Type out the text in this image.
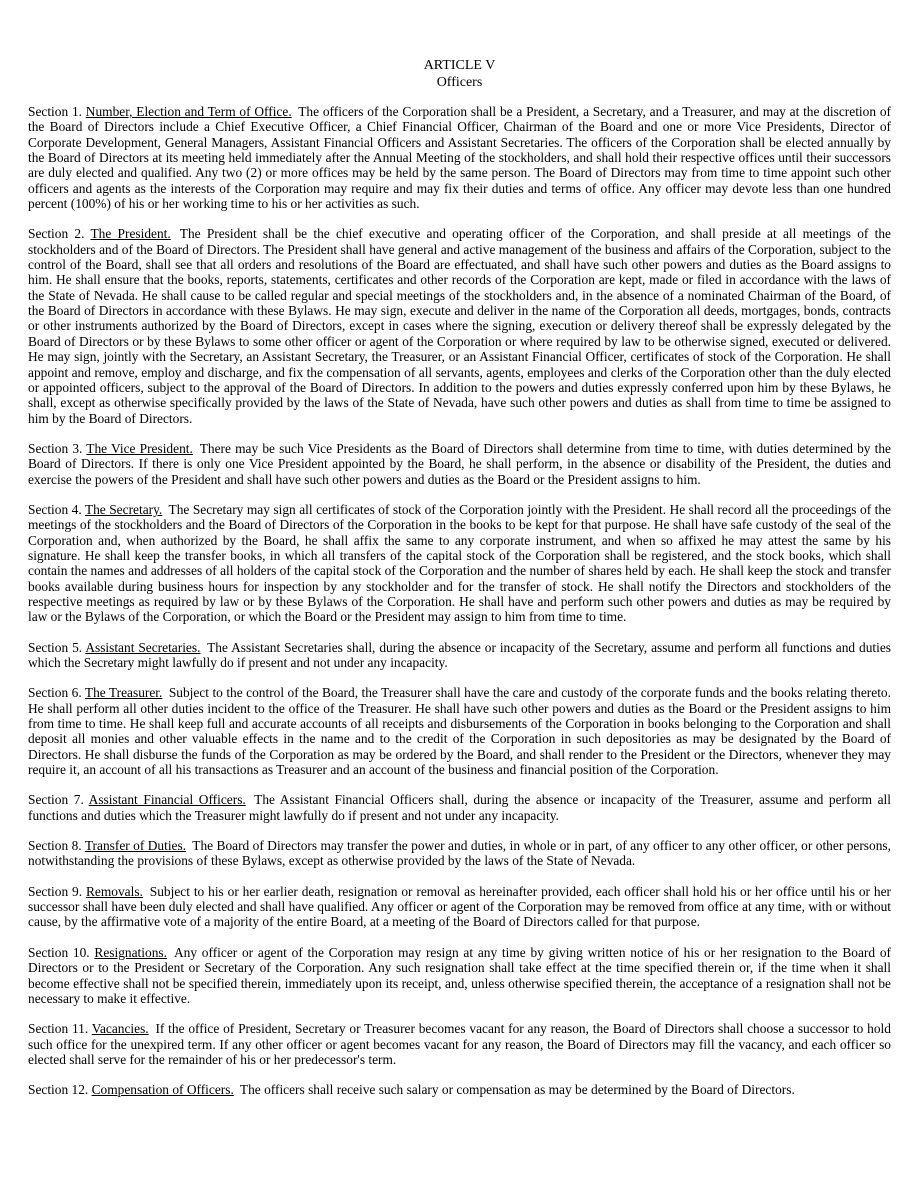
ARTICLE V
Officers

Section 1. Number, Election and Term of Office. The officers of the Corporation shall be a President, a Secretary, and a Treasurer, and may at the discretion of the Board of Directors include a Chief Executive Officer, a Chief Financial Officer, Chairman of the Board and one or more Vice Presidents, Director of Corporate Development, General Managers, Assistant Financial Officers and Assistant Secretaries. The officers of the Corporation shall be elected annually by the Board of Directors at its meeting held immediately after the Annual Meeting of the stockholders, and shall hold their respective offices until their successors are duly elected and qualified. Any two (2) or more offices may be held by the same person. The Board of Directors may from time to time appoint such other officers and agents as the interests of the Corporation may require and may fix their duties and terms of office. Any officer may devote less than one hundred percent (100%) of his or her working time to his or her activities as such.

Section 2. The President. The President shall be the chief executive and operating officer of the Corporation, and shall preside at all meetings of the stockholders and of the Board of Directors. The President shall have general and active management of the business and affairs of the Corporation, subject to the control of the Board, shall see that all orders and resolutions of the Board are effectuated, and shall have such other powers and duties as the Board assigns to him. He shall ensure that the books, reports, statements, certificates and other records of the Corporation are kept, made or filed in accordance with the laws of the State of Nevada. He shall cause to be called regular and special meetings of the stockholders and, in the absence of a nominated Chairman of the Board, of the Board of Directors in accordance with these Bylaws. He may sign, execute and deliver in the name of the Corporation all deeds, mortgages, bonds, contracts or other instruments authorized by the Board of Directors, except in cases where the signing, execution or delivery thereof shall be expressly delegated by the Board of Directors or by these Bylaws to some other officer or agent of the Corporation or where required by law to be otherwise signed, executed or delivered. He may sign, jointly with the Secretary, an Assistant Secretary, the Treasurer, or an Assistant Financial Officer, certificates of stock of the Corporation. He shall appoint and remove, employ and discharge, and fix the compensation of all servants, agents, employees and clerks of the Corporation other than the duly elected or appointed officers, subject to the approval of the Board of Directors. In addition to the powers and duties expressly conferred upon him by these Bylaws, he shall, except as otherwise specifically provided by the laws of the State of Nevada, have such other powers and duties as shall from time to time be assigned to him by the Board of Directors.

Section 3. The Vice President. There may be such Vice Presidents as the Board of Directors shall determine from time to time, with duties determined by the Board of Directors. If there is only one Vice President appointed by the Board, he shall perform, in the absence or disability of the President, the duties and exercise the powers of the President and shall have such other powers and duties as the Board or the President assigns to him.

Section 4. The Secretary. The Secretary may sign all certificates of stock of the Corporation jointly with the President. He shall record all the proceedings of the meetings of the stockholders and the Board of Directors of the Corporation in the books to be kept for that purpose. He shall have safe custody of the seal of the Corporation and, when authorized by the Board, he shall affix the same to any corporate instrument, and when so affixed he may attest the same by his signature. He shall keep the transfer books, in which all transfers of the capital stock of the Corporation shall be registered, and the stock books, which shall contain the names and addresses of all holders of the capital stock of the Corporation and the number of shares held by each. He shall keep the stock and transfer books available during business hours for inspection by any stockholder and for the transfer of stock. He shall notify the Directors and stockholders of the respective meetings as required by law or by these Bylaws of the Corporation. He shall have and perform such other powers and duties as may be required by law or the Bylaws of the Corporation, or which the Board or the President may assign to him from time to time.

Section 5. Assistant Secretaries. The Assistant Secretaries shall, during the absence or incapacity of the Secretary, assume and perform all functions and duties which the Secretary might lawfully do if present and not under any incapacity.

Section 6. The Treasurer. Subject to the control of the Board, the Treasurer shall have the care and custody of the corporate funds and the books relating thereto. He shall perform all other duties incident to the office of the Treasurer. He shall have such other powers and duties as the Board or the President assigns to him from time to time. He shall keep full and accurate accounts of all receipts and disbursements of the Corporation in books belonging to the Corporation and shall deposit all monies and other valuable effects in the name and to the credit of the Corporation in such depositories as may be designated by the Board of Directors. He shall disburse the funds of the Corporation as may be ordered by the Board, and shall render to the President or the Directors, whenever they may require it, an account of all his transactions as Treasurer and an account of the business and financial position of the Corporation.

Section 7. Assistant Financial Officers. The Assistant Financial Officers shall, during the absence or incapacity of the Treasurer, assume and perform all functions and duties which the Treasurer might lawfully do if present and not under any incapacity.

Section 8. Transfer of Duties. The Board of Directors may transfer the power and duties, in whole or in part, of any officer to any other officer, or other persons, notwithstanding the provisions of these Bylaws, except as otherwise provided by the laws of the State of Nevada.

Section 9. Removals. Subject to his or her earlier death, resignation or removal as hereinafter provided, each officer shall hold his or her office until his or her successor shall have been duly elected and shall have qualified. Any officer or agent of the Corporation may be removed from office at any time, with or without cause, by the affirmative vote of a majority of the entire Board, at a meeting of the Board of Directors called for that purpose.

Section 10. Resignations. Any officer or agent of the Corporation may resign at any time by giving written notice of his or her resignation to the Board of Directors or to the President or Secretary of the Corporation. Any such resignation shall take effect at the time specified therein or, if the time when it shall become effective shall not be specified therein, immediately upon its receipt, and, unless otherwise specified therein, the acceptance of a resignation shall not be necessary to make it effective.

Section 11. Vacancies. If the office of President, Secretary or Treasurer becomes vacant for any reason, the Board of Directors shall choose a successor to hold such office for the unexpired term. If any other officer or agent becomes vacant for any reason, the Board of Directors may fill the vacancy, and each officer so elected shall serve for the remainder of his or her predecessor's term.

Section 12. Compensation of Officers. The officers shall receive such salary or compensation as may be determined by the Board of Directors.
